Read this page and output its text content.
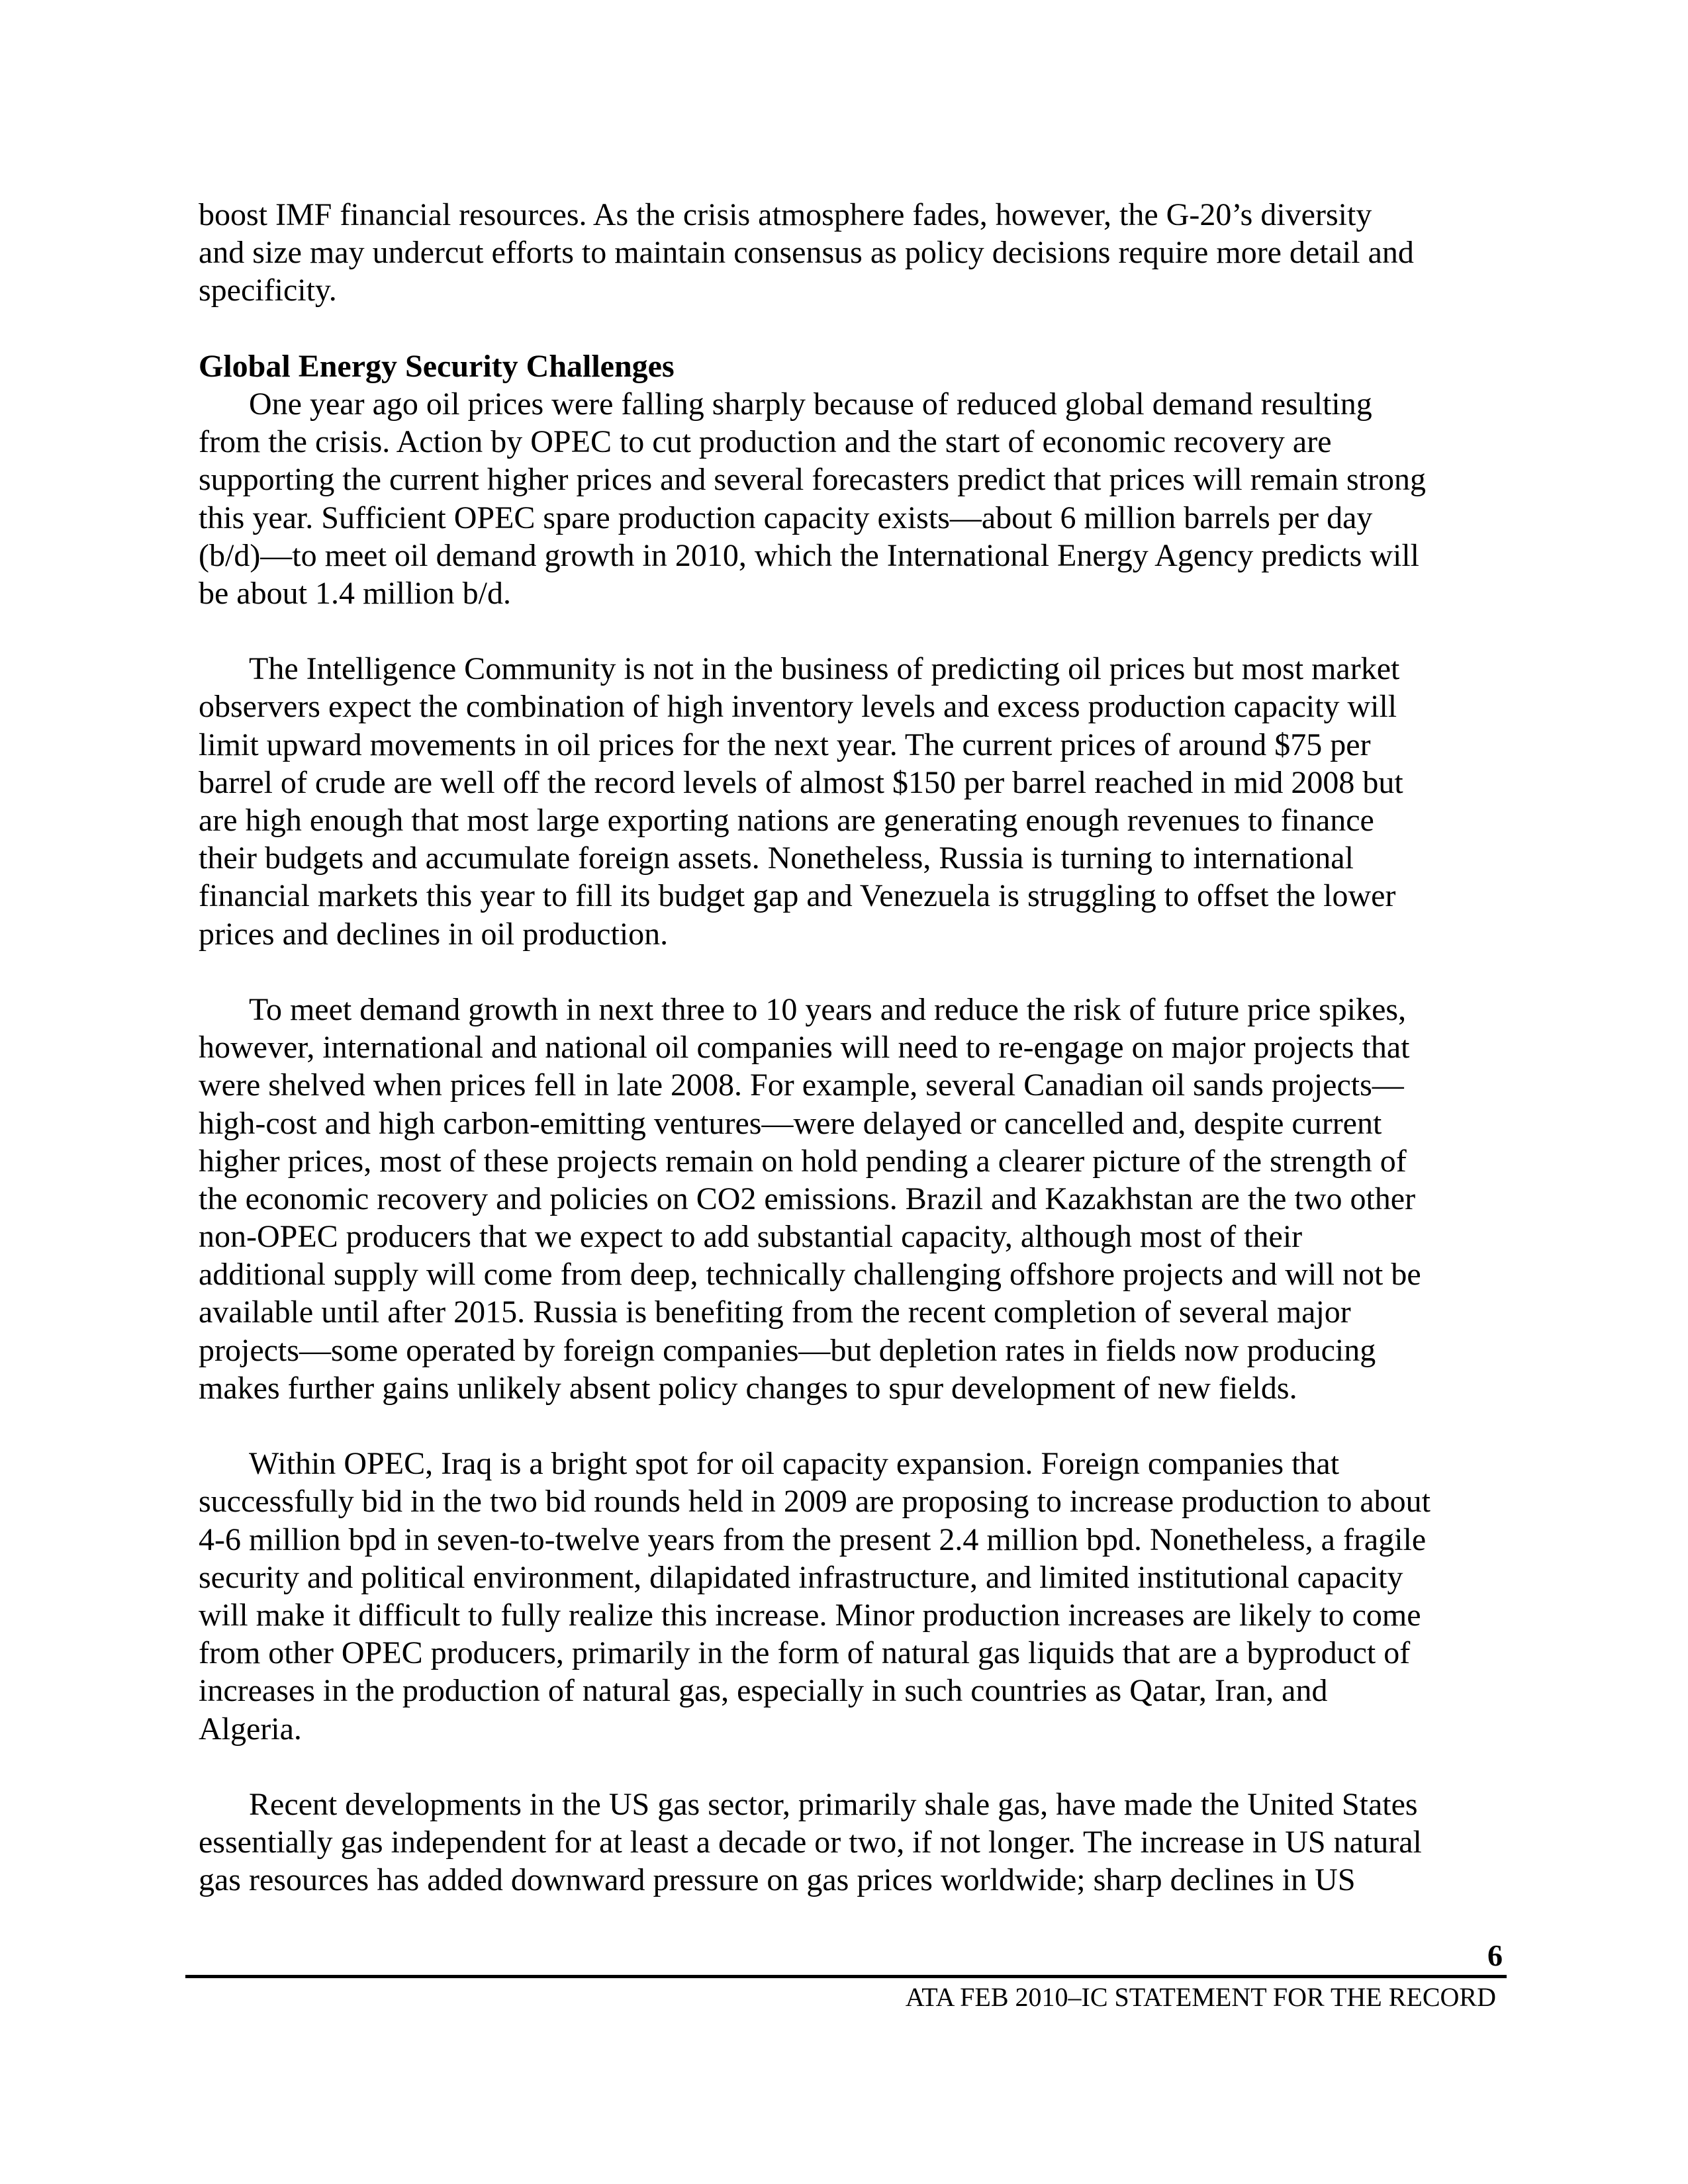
boost IMF financial resources. As the crisis atmosphere fades, however, the G-20’s diversity
and size may undercut efforts to maintain consensus as policy decisions require more detail and
specificity.
Global Energy Security Challenges
One year ago oil prices were falling sharply because of reduced global demand resulting
from the crisis. Action by OPEC to cut production and the start of economic recovery are
supporting the current higher prices and several forecasters predict that prices will remain strong
this year. Sufficient OPEC spare production capacity exists—about 6 million barrels per day
(b/d)—to meet oil demand growth in 2010, which the International Energy Agency predicts will
be about 1.4 million b/d.
The Intelligence Community is not in the business of predicting oil prices but most market
observers expect the combination of high inventory levels and excess production capacity will
limit upward movements in oil prices for the next year. The current prices of around $75 per
barrel of crude are well off the record levels of almost $150 per barrel reached in mid 2008 but
are high enough that most large exporting nations are generating enough revenues to finance
their budgets and accumulate foreign assets. Nonetheless, Russia is turning to international
financial markets this year to fill its budget gap and Venezuela is struggling to offset the lower
prices and declines in oil production.
To meet demand growth in next three to 10 years and reduce the risk of future price spikes,
however, international and national oil companies will need to re-engage on major projects that
were shelved when prices fell in late 2008. For example, several Canadian oil sands projects—
high-cost and high carbon-emitting ventures—were delayed or cancelled and, despite current
higher prices, most of these projects remain on hold pending a clearer picture of the strength of
the economic recovery and policies on CO2 emissions. Brazil and Kazakhstan are the two other
non-OPEC producers that we expect to add substantial capacity, although most of their
additional supply will come from deep, technically challenging offshore projects and will not be
available until after 2015. Russia is benefiting from the recent completion of several major
projects—some operated by foreign companies—but depletion rates in fields now producing
makes further gains unlikely absent policy changes to spur development of new fields.
Within OPEC, Iraq is a bright spot for oil capacity expansion. Foreign companies that
successfully bid in the two bid rounds held in 2009 are proposing to increase production to about
4-6 million bpd in seven-to-twelve years from the present 2.4 million bpd. Nonetheless, a fragile
security and political environment, dilapidated infrastructure, and limited institutional capacity
will make it difficult to fully realize this increase. Minor production increases are likely to come
from other OPEC producers, primarily in the form of natural gas liquids that are a byproduct of
increases in the production of natural gas, especially in such countries as Qatar, Iran, and
Algeria.
Recent developments in the US gas sector, primarily shale gas, have made the United States
essentially gas independent for at least a decade or two, if not longer. The increase in US natural
gas resources has added downward pressure on gas prices worldwide; sharp declines in US
6
ATA FEB 2010–IC STATEMENT FOR THE RECORD
